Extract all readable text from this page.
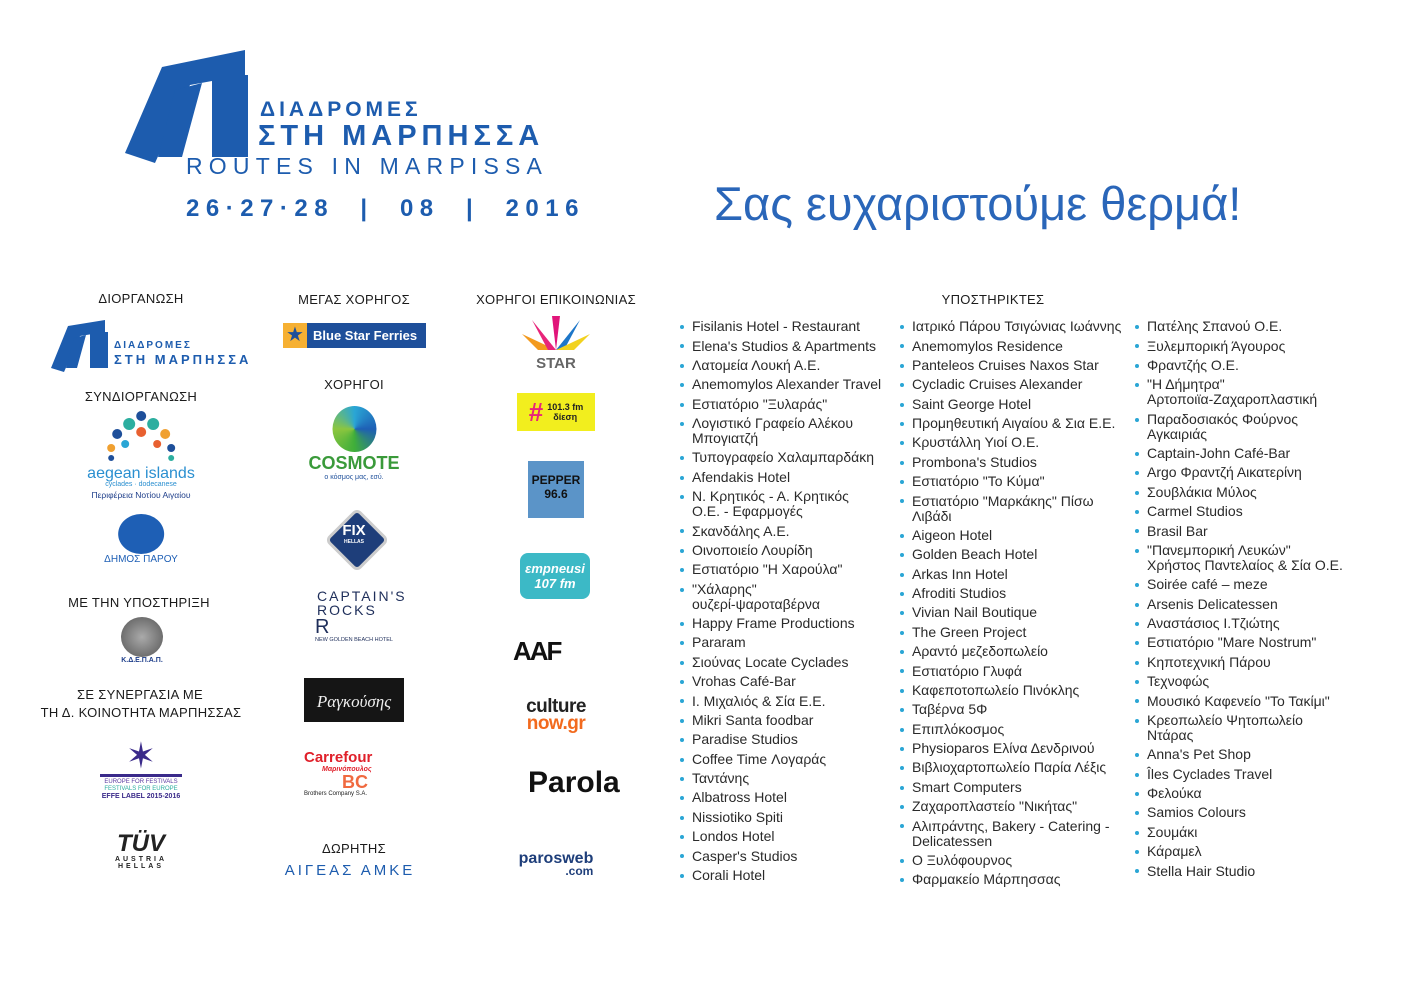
ΔΙΑΔΡΟΜΕΣ
ΣΤΗ ΜΑΡΠΗΣΣΑ
ROUTES IN MARPISSA
26·27·28  |  08  |  2016	Σας ευχαριστούμε θερμά!
ΔΙΟΡΓΑΝΩΣΗ
ΔΙΑΔΡΟΜΕΣ
ΣΤΗ ΜΑΡΠΗΣΣΑ
ΣΥΝΔΙΟΡΓΑΝΩΣΗ
aegean islands
cyclades · dodecanese
Περιφέρεια Νοτίου Αιγαίου
ΔΗΜΟΣ ΠΑΡΟΥ
ΜΕ ΤΗΝ ΥΠΟΣΤΗΡΙΞΗ
Κ.Δ.Ε.Π.Α.Π.
ΣΕ ΣΥΝΕΡΓΑΣΙΑ ΜΕ
ΤΗ Δ. ΚΟΙΝΟΤΗΤΑ ΜΑΡΠΗΣΣΑΣ
✶
EUROPE FOR FESTIVALS
FESTIVALS FOR EUROPE
EFFE LABEL 2015-2016
TÜV
AUSTRIA
HELLAS
ΜΕΓΑΣ ΧΟΡΗΓΟΣ
★ Blue Star Ferries
ΧΟΡΗΓΟΙ
COSMOTE
ο κόσμος μας, εσύ.
FIX
HELLAS
CAPTAIN'S
ROCKS
R
NEW GOLDEN BEACH HOTEL
Ραγκούσης
Carrefour
Μαρινόπουλος
BC
Brothers Company S.A.
ΔΩΡΗΤΗΣ
ΑΙΓΕΑΣ ΑΜΚΕ
ΧΟΡΗΓΟΙ ΕΠΙΚΟΙΝΩΝΙΑΣ
STAR
# 101.3 fm
δίεση
PEPPER
96.6
εmpneusi
107 fm
AAF
culture
now.gr
Parola
parosweb
.com
ΥΠΟΣΤΗΡΙΚΤΕΣ
Fisilanis Hotel - Restaurant
Elena's Studios & Apartments
Λατομεία Λουκή Α.Ε.
Anemomylos Alexander Travel
Εστιατόριο "Ξυλαράς"
Λογιστικό Γραφείο Αλέκου
Μπογιατζή
Τυπογραφείο Χαλαμπαρδάκη
Afendakis Hotel
Ν. Κρητικός - Α. Κρητικός
Ο.Ε. - Εφαρμογές
Σκανδάλης Α.Ε.
Οινοποιείο Λουρίδη
Εστιατόριο "Η Χαρούλα"
"Χάλαρης"
ουζερί-ψαροταβέρνα
Happy Frame Productions
Pararam
Σιούνας Locate Cyclades
Vrohas Café-Bar
Ι. Μιχαλιός & Σία Ε.Ε.
Mikri Santa foodbar
Paradise Studios
Coffee Time Λογαράς
Ταντάνης
Albatross Hotel
Nissiotiko Spiti
Londos Hotel
Casper's Studios
Corali Hotel
Ιατρικό Πάρου Τσιγώνιας Ιωάννης
Anemomylos Residence
Panteleos Cruises Naxos Star
Cycladic Cruises Alexander
Saint George Hotel
Προμηθευτική Αιγαίου & Σια Ε.Ε.
Κρυστάλλη Υιοί Ο.Ε.
Prombona's Studios
Εστιατόριο "Το Κύμα"
Εστιατόριο "Μαρκάκης" Πίσω
Λιβάδι
Aigeon Hotel
Golden Beach Hotel
Arkas Inn Hotel
Afroditi Studios
Vivian Nail Boutique
The Green Project
Αραντό μεζεδοπωλείο
Εστιατόριο Γλυφά
Καφεποτοπωλείο Πινόκλης
Ταβέρνα 5Φ
Επιπλόκοσμος
Physioparos Ελίνα Δενδρινού
Βιβλιοχαρτοπωλείο Παρία Λέξις
Smart Computers
Ζαχαροπλαστείο "Νικήτας"
Αλιπράντης, Bakery - Catering -
Delicatessen
Ο Ξυλόφουρνος
Φαρμακείο Μάρπησσας
Πατέλης Σπανού Ο.Ε.
Ξυλεμπορική Άγουρος
Φραντζής Ο.Ε.
"Η Δήμητρα"
Αρτοποιϊα-Ζαχαροπλαστική
Παραδοσιακός Φούρνος
Αγκαιριάς
Captain-John Café-Bar
Argo Φραντζή Αικατερίνη
Σουβλάκια Μύλος
Carmel Studios
Brasil Bar
"Πανεμπορική Λευκών"
Χρήστος Παντελαίος & Σία Ο.Ε.
Soirée café – meze
Arsenis Delicatessen
Αναστάσιος Ι.Τζιώτης
Εστιατόριο "Mare Nostrum"
Κηποτεχνική Πάρου
Τεχνοφώς
Μουσικό Καφενείο "Το Τακίμι"
Κρεοπωλείο Ψητοπωλείο
Ντάρας
Anna's Pet Shop
Îles Cyclades Travel
Φελούκα
Samios Colours
Σουμάκι
Κάραμελ
Stella Hair Studio
